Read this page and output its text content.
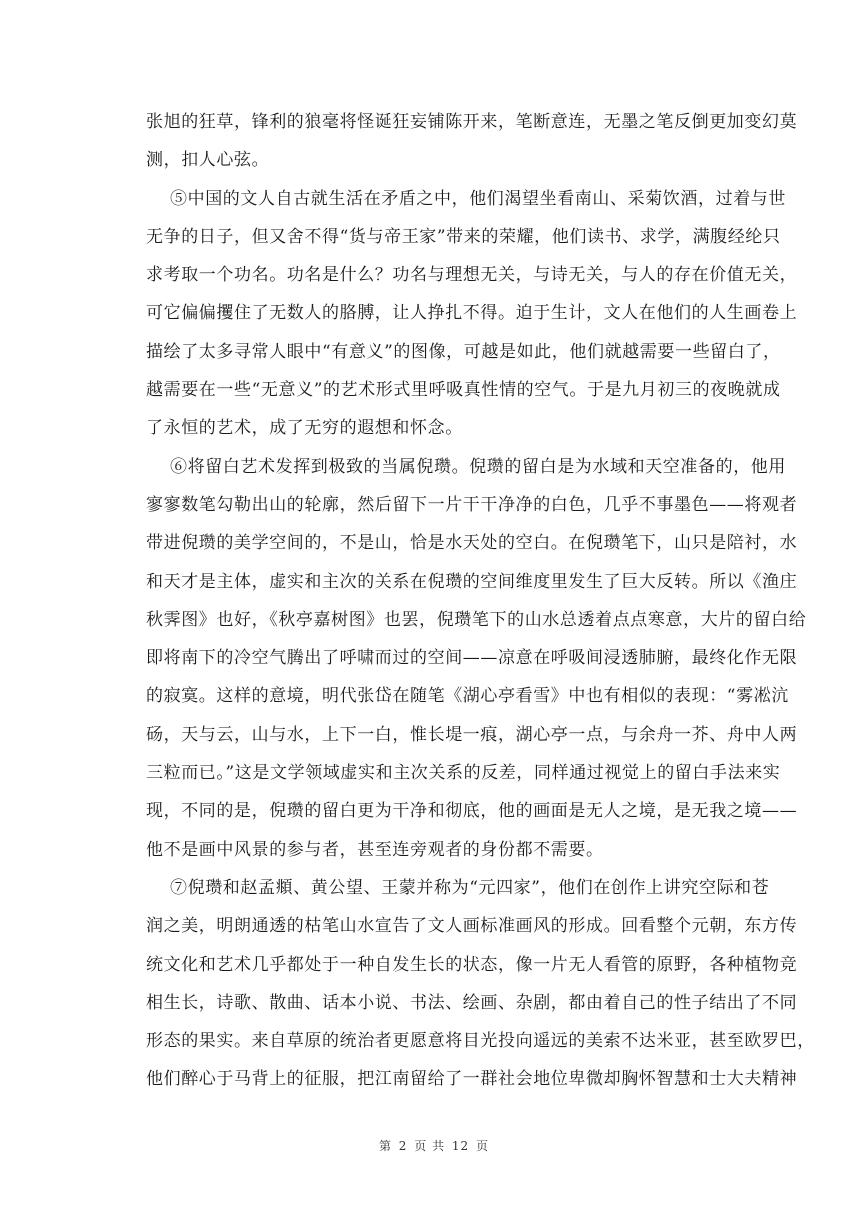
张旭的狂草，锋利的狼毫将怪诞狂妄铺陈开来，笔断意连，无墨之笔反倒更加变幻莫
测，扣人心弦。
⑤中国的文人自古就生活在矛盾之中，他们渴望坐看南山、采菊饮酒，过着与世
无争的日子，但又舍不得“货与帝王家”带来的荣耀，他们读书、求学，满腹经纶只
求考取一个功名。功名是什么？功名与理想无关，与诗无关，与人的存在价值无关，
可它偏偏攫住了无数人的胳膊，让人挣扎不得。迫于生计，文人在他们的人生画卷上
描绘了太多寻常人眼中“有意义”的图像，可越是如此，他们就越需要一些留白了，
越需要在一些“无意义”的艺术形式里呼吸真性情的空气。于是九月初三的夜晚就成
了永恒的艺术，成了无穷的遐想和怀念。
⑥将留白艺术发挥到极致的当属倪瓒。倪瓒的留白是为水域和天空准备的，他用
寥寥数笔勾勒出山的轮廓，然后留下一片干干净净的白色，几乎不事墨色——将观者
带进倪瓒的美学空间的，不是山，恰是水天处的空白。在倪瓒笔下，山只是陪衬，水
和天才是主体，虚实和主次的关系在倪瓒的空间维度里发生了巨大反转。所以《渔庄
秋霁图》也好，《秋亭嘉树图》也罢，倪瓒笔下的山水总透着点点寒意，大片的留白给
即将南下的冷空气腾出了呼啸而过的空间——凉意在呼吸间浸透肺腑，最终化作无限
的寂寞。这样的意境，明代张岱在随笔《湖心亭看雪》中也有相似的表现：“雾凇沆
砀，天与云，山与水，上下一白，惟长堤一痕，湖心亭一点，与余舟一芥、舟中人两
三粒而已。”这是文学领域虚实和主次关系的反差，同样通过视觉上的留白手法来实
现，不同的是，倪瓒的留白更为干净和彻底，他的画面是无人之境，是无我之境——
他不是画中风景的参与者，甚至连旁观者的身份都不需要。
⑦倪瓒和赵孟頫、黄公望、王蒙并称为“元四家”，他们在创作上讲究空际和苍
润之美，明朗通透的枯笔山水宣告了文人画标准画风的形成。回看整个元朝，东方传
统文化和艺术几乎都处于一种自发生长的状态，像一片无人看管的原野，各种植物竞
相生长，诗歌、散曲、话本小说、书法、绘画、杂剧，都由着自己的性子结出了不同
形态的果实。来自草原的统治者更愿意将目光投向遥远的美索不达米亚，甚至欧罗巴，
他们醉心于马背上的征服，把江南留给了一群社会地位卑微却胸怀智慧和士大夫精神
第 2 页 共 12 页
